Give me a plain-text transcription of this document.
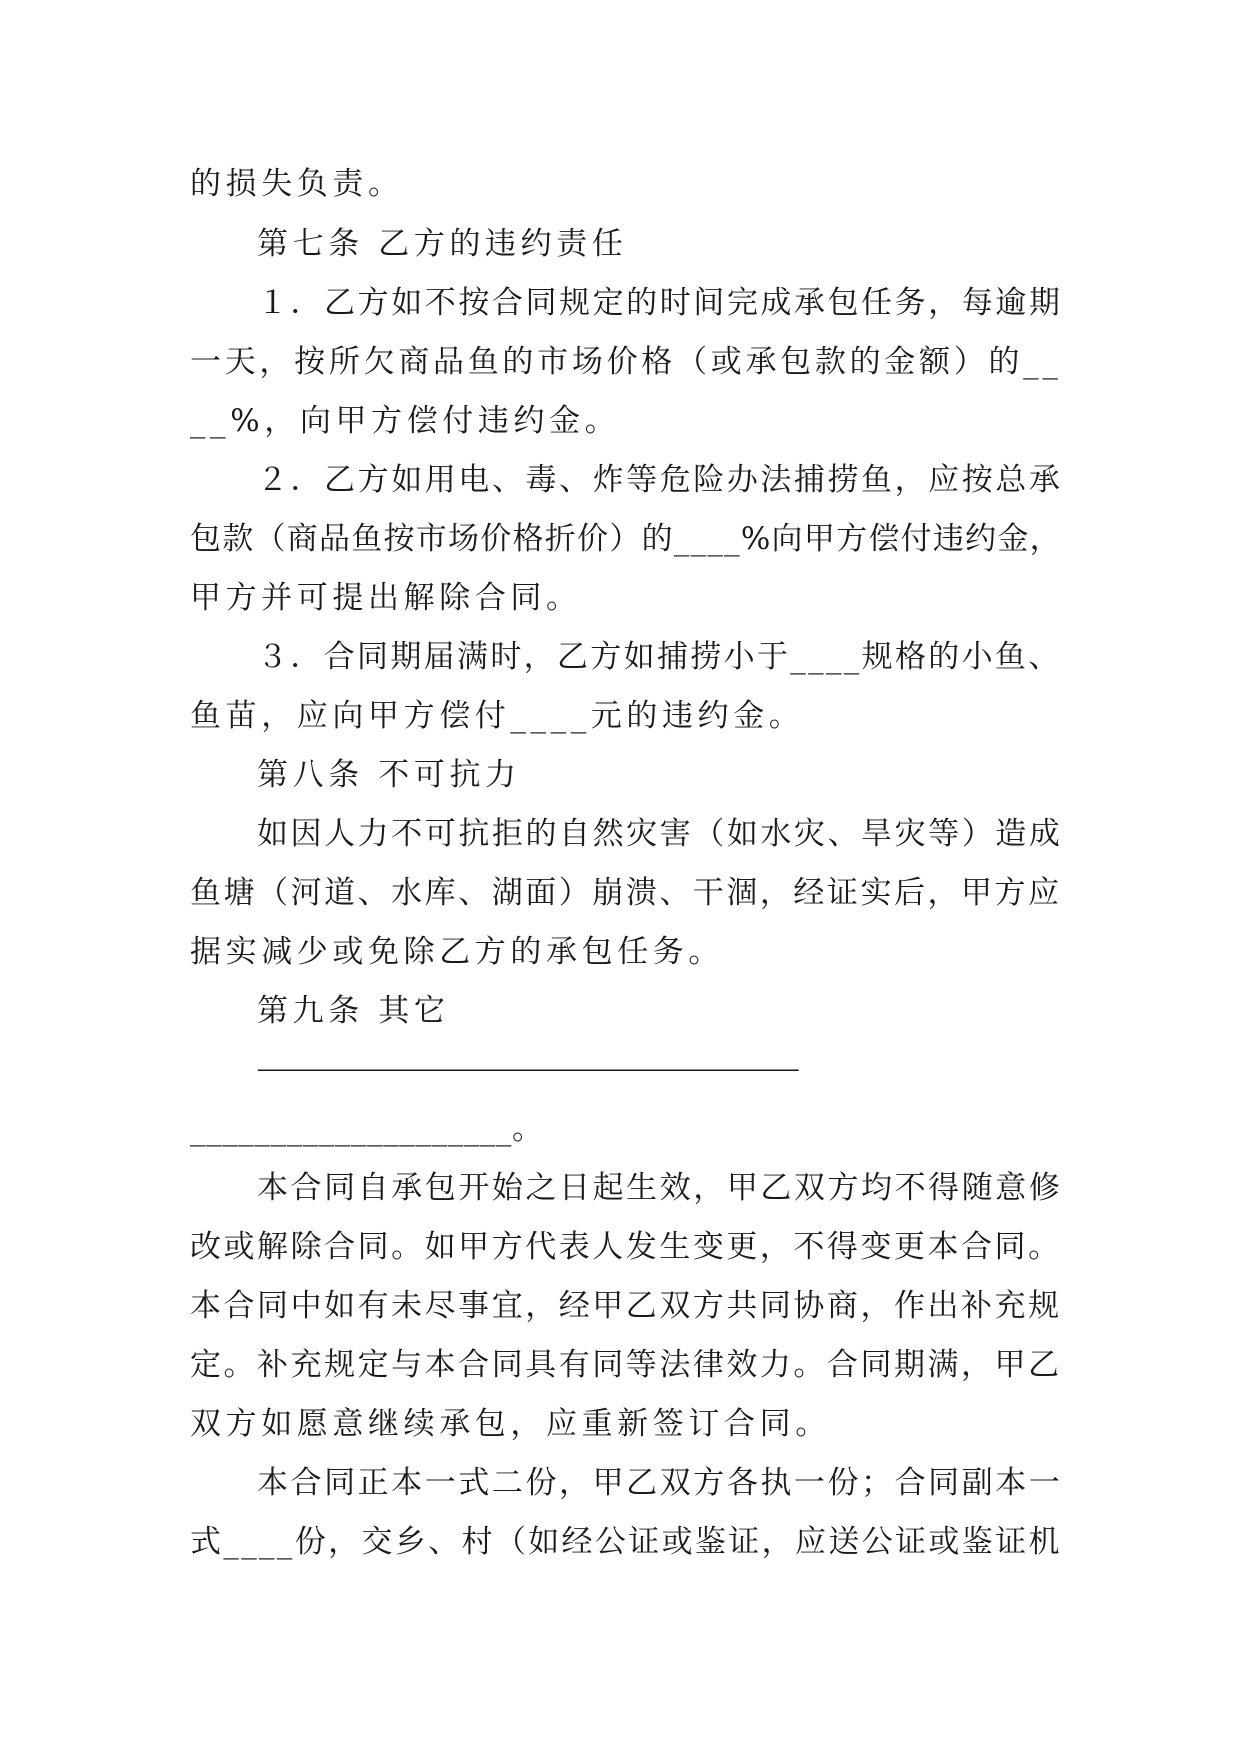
的损失负责。
第七条 乙方的违约责任
１．乙方如不按合同规定的时间完成承包任务，每逾期
一天，按所欠商品鱼的市场价格（或承包款的金额）的__
__%，向甲方偿付违约金。
２．乙方如用电、毒、炸等危险办法捕捞鱼，应按总承
包款（商品鱼按市场价格折价）的____%向甲方偿付违约金，
甲方并可提出解除合同。
３．合同期届满时，乙方如捕捞小于____规格的小鱼、
鱼苗，应向甲方偿付____元的违约金。
第八条 不可抗力
如因人力不可抗拒的自然灾害（如水灾、旱灾等）造成
鱼塘（河道、水库、湖面）崩溃、干涸，经证实后，甲方应
据实减少或免除乙方的承包任务。
第九条 其它
————————————————————————————————
____________________。
本合同自承包开始之日起生效，甲乙双方均不得随意修
改或解除合同。如甲方代表人发生变更，不得变更本合同。
本合同中如有未尽事宜，经甲乙双方共同协商，作出补充规
定。补充规定与本合同具有同等法律效力。合同期满，甲乙
双方如愿意继续承包，应重新签订合同。
本合同正本一式二份，甲乙双方各执一份；合同副本一
式____份，交乡、村（如经公证或鉴证，应送公证或鉴证机
